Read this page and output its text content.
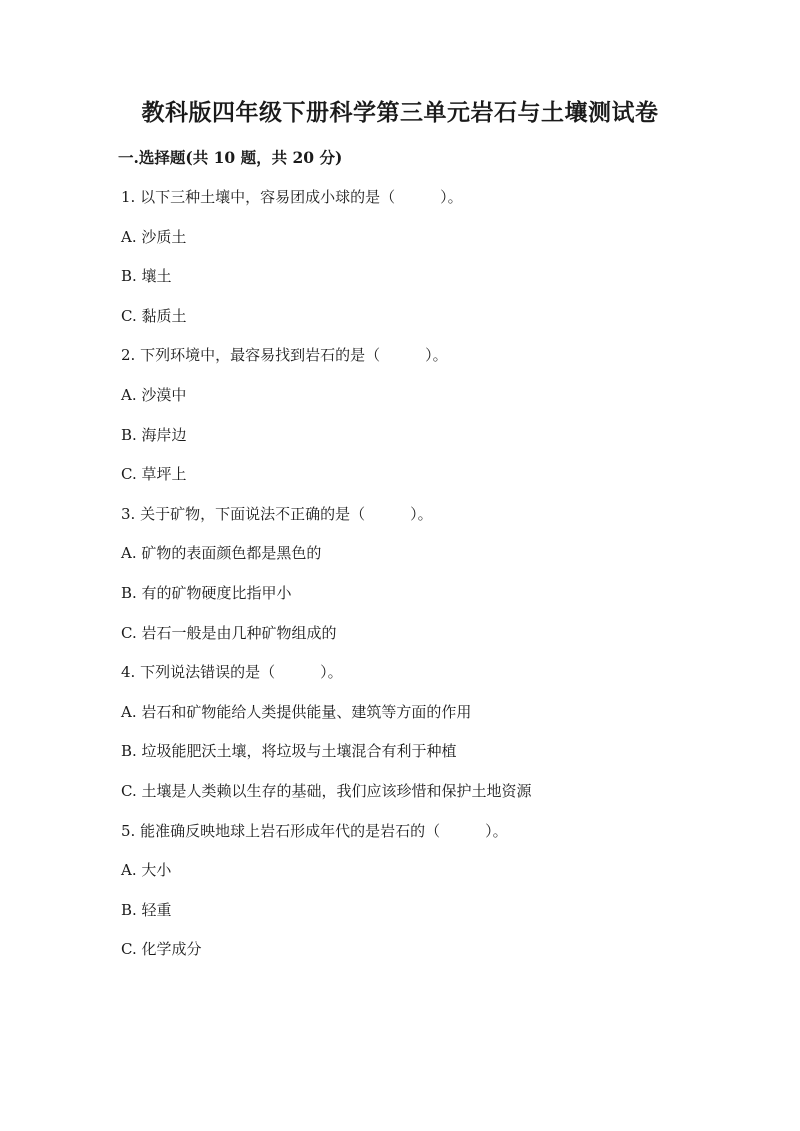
教科版四年级下册科学第三单元岩石与土壤测试卷
一.选择题(共 10 题，共 20 分)
1. 以下三种土壤中，容易团成小球的是（　　　）。
A. 沙质土
B. 壤土
C. 黏质土
2. 下列环境中，最容易找到岩石的是（　　　）。
A. 沙漠中
B. 海岸边
C. 草坪上
3. 关于矿物，下面说法不正确的是（　　　）。
A. 矿物的表面颜色都是黑色的
B. 有的矿物硬度比指甲小
C. 岩石一般是由几种矿物组成的
4. 下列说法错误的是（　　　）。
A. 岩石和矿物能给人类提供能量、建筑等方面的作用
B. 垃圾能肥沃土壤，将垃圾与土壤混合有利于种植
C. 土壤是人类赖以生存的基础，我们应该珍惜和保护土地资源
5. 能准确反映地球上岩石形成年代的是岩石的（　　　）。
A. 大小
B. 轻重
C. 化学成分
